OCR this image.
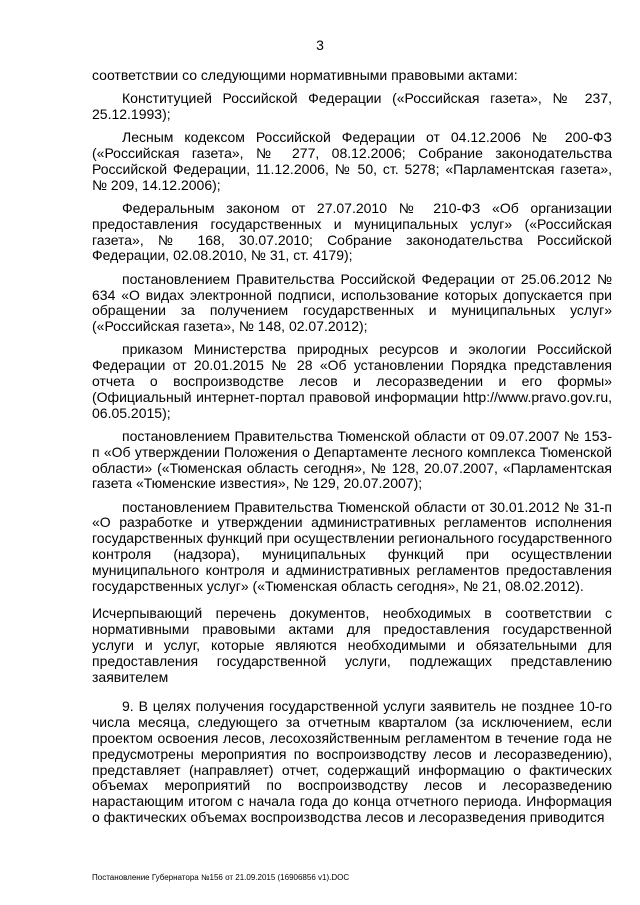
3

соответствии со следующими нормативными правовыми актами:

Конституцией Российской Федерации («Российская газета», № 237, 25.12.1993);

Лесным кодексом Российской Федерации от 04.12.2006 № 200-ФЗ («Российская газета», № 277, 08.12.2006; Собрание законодательства Российской Федерации, 11.12.2006, № 50, ст. 5278; «Парламентская газета», № 209, 14.12.2006);

Федеральным законом от 27.07.2010 № 210-ФЗ «Об организации предоставления государственных и муниципальных услуг» («Российская газета», № 168, 30.07.2010; Собрание законодательства Российской Федерации, 02.08.2010, № 31, ст. 4179);

постановлением Правительства Российской Федерации от 25.06.2012 № 634 «О видах электронной подписи, использование которых допускается при обращении за получением государственных и муниципальных услуг» («Российская газета», № 148, 02.07.2012);

приказом Министерства природных ресурсов и экологии Российской Федерации от 20.01.2015 № 28 «Об установлении Порядка представления отчета о воспроизводстве лесов и лесоразведении и его формы» (Официальный интернет-портал правовой информации http://www.pravo.gov.ru, 06.05.2015);

постановлением Правительства Тюменской области от 09.07.2007 № 153-п «Об утверждении Положения о Департаменте лесного комплекса Тюменской области» («Тюменская область сегодня», № 128, 20.07.2007, «Парламентская газета «Тюменские известия», № 129, 20.07.2007);

постановлением Правительства Тюменской области от 30.01.2012 № 31-п «О разработке и утверждении административных регламентов исполнения государственных функций при осуществлении регионального государственного контроля (надзора), муниципальных функций при осуществлении муниципального контроля и административных регламентов предоставления государственных услуг» («Тюменская область сегодня», № 21, 08.02.2012).

Исчерпывающий перечень документов, необходимых в соответствии с нормативными правовыми актами для предоставления государственной услуги и услуг, которые являются необходимыми и обязательными для предоставления государственной услуги, подлежащих представлению заявителем

9. В целях получения государственной услуги заявитель не позднее 10-го числа месяца, следующего за отчетным кварталом (за исключением, если проектом освоения лесов, лесохозяйственным регламентом в течение года не предусмотрены мероприятия по воспроизводству лесов и лесоразведению), представляет (направляет) отчет, содержащий информацию о фактических объемах мероприятий по воспроизводству лесов и лесоразведению нарастающим итогом с начала года до конца отчетного периода. Информация о фактических объемах воспроизводства лесов и лесоразведения приводится

Постановление Губернатора №156 от 21.09.2015 (16906856 v1).DOC
